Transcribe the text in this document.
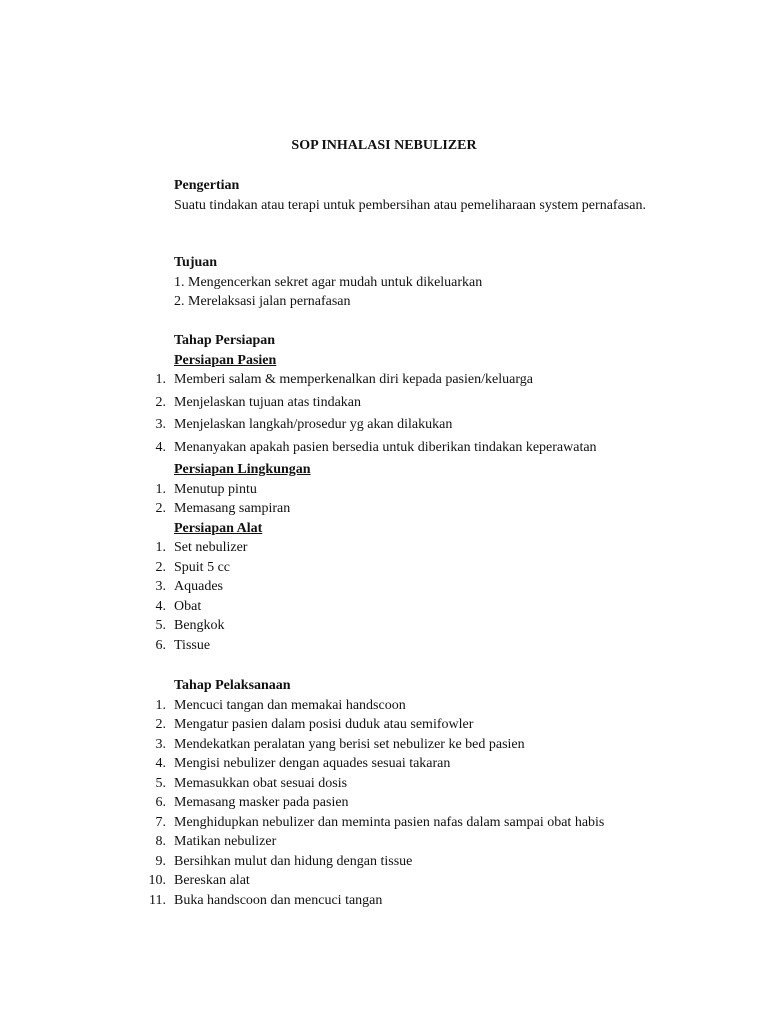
SOP INHALASI NEBULIZER
Pengertian
Suatu tindakan atau terapi untuk pembersihan atau pemeliharaan system pernafasan.
Tujuan
1. Mengencerkan sekret agar mudah untuk dikeluarkan
2. Merelaksasi jalan pernafasan
Tahap Persiapan
Persiapan Pasien
1. Memberi salam & memperkenalkan diri kepada pasien/keluarga
2. Menjelaskan tujuan atas tindakan
3. Menjelaskan langkah/prosedur yg akan dilakukan
4. Menanyakan apakah pasien bersedia untuk diberikan tindakan keperawatan
Persiapan Lingkungan
1. Menutup pintu
2. Memasang sampiran
Persiapan Alat
1. Set nebulizer
2. Spuit 5 cc
3. Aquades
4. Obat
5. Bengkok
6. Tissue
Tahap Pelaksanaan
1. Mencuci tangan dan memakai handscoon
2. Mengatur pasien dalam posisi duduk atau semifowler
3. Mendekatkan peralatan yang berisi set nebulizer ke bed pasien
4. Mengisi nebulizer dengan aquades sesuai takaran
5. Memasukkan obat sesuai dosis
6. Memasang masker pada pasien
7. Menghidupkan nebulizer dan meminta pasien nafas dalam sampai obat habis
8. Matikan nebulizer
9. Bersihkan mulut dan hidung dengan tissue
10. Bereskan alat
11. Buka handscoon dan mencuci tangan
